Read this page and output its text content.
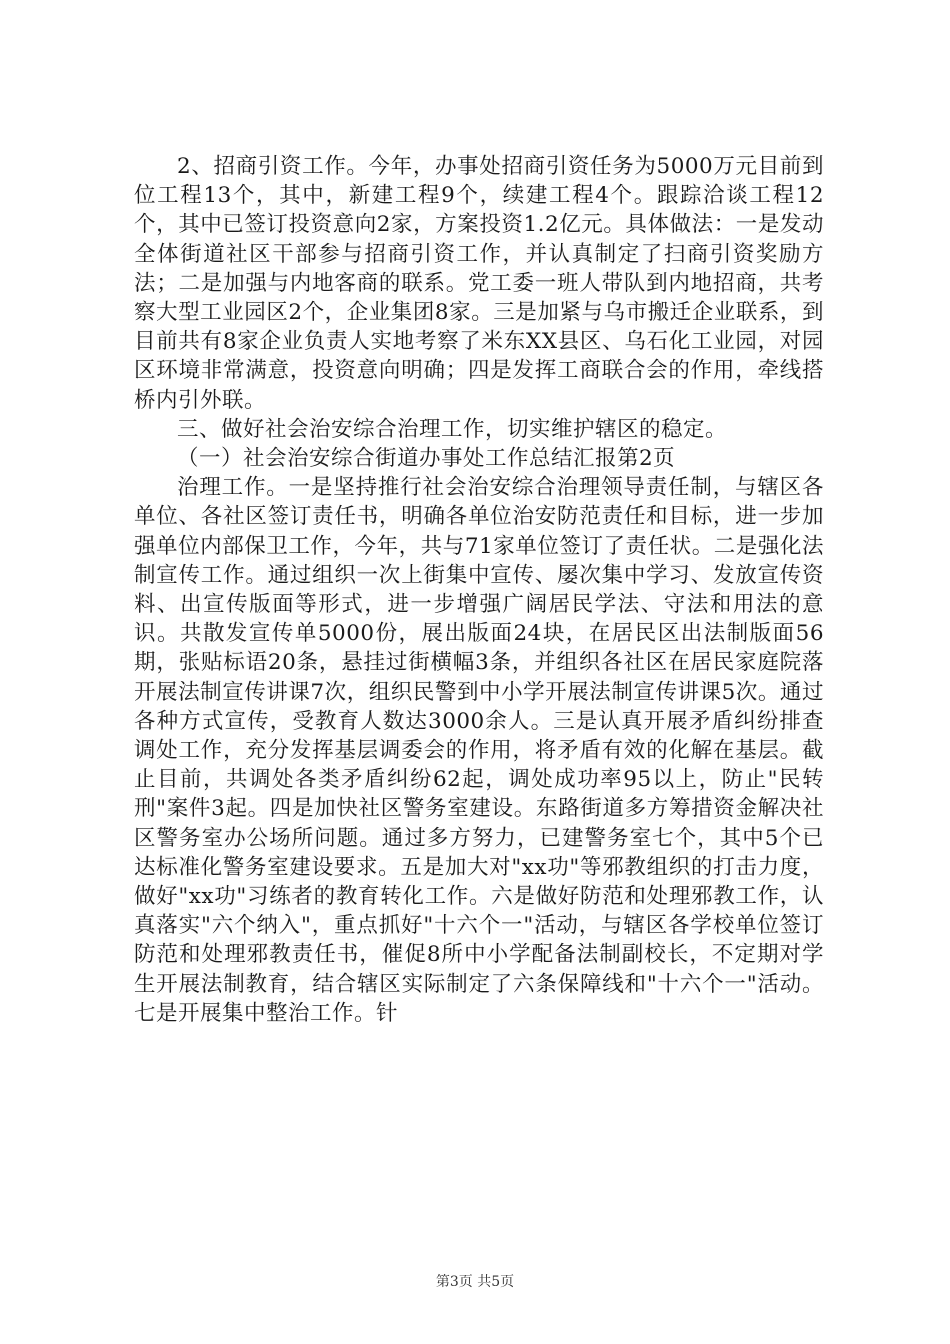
2、招商引资工作。今年，办事处招商引资任务为5000万元目前到位工程13个，其中，新建工程9个，续建工程4个。跟踪洽谈工程12个，其中已签订投资意向2家，方案投资1.2亿元。具体做法：一是发动全体街道社区干部参与招商引资工作，并认真制定了扫商引资奖励方法；二是加强与内地客商的联系。党工委一班人带队到内地招商，共考察大型工业园区2个，企业集团8家。三是加紧与乌市搬迁企业联系，到目前共有8家企业负责人实地考察了米东XX县区、乌石化工业园，对园区环境非常满意，投资意向明确；四是发挥工商联合会的作用，牵线搭桥内引外联。

三、做好社会治安综合治理工作，切实维护辖区的稳定。

（一）社会治安综合街道办事处工作总结汇报第2页

治理工作。一是坚持推行社会治安综合治理领导责任制，与辖区各单位、各社区签订责任书，明确各单位治安防范责任和目标，进一步加强单位内部保卫工作，今年，共与71家单位签订了责任状。二是强化法制宣传工作。通过组织一次上街集中宣传、屡次集中学习、发放宣传资料、出宣传版面等形式，进一步增强广阔居民学法、守法和用法的意识。共散发宣传单5000份，展出版面24块，在居民区出法制版面56期，张贴标语20条，悬挂过街横幅3条，并组织各社区在居民家庭院落开展法制宣传讲课7次，组织民警到中小学开展法制宣传讲课5次。通过各种方式宣传，受教育人数达3000余人。三是认真开展矛盾纠纷排查调处工作，充分发挥基层调委会的作用，将矛盾有效的化解在基层。截止目前，共调处各类矛盾纠纷62起，调处成功率95以上，防止"民转刑"案件3起。四是加快社区警务室建设。东路街道多方筹措资金解决社区警务室办公场所问题。通过多方努力，已建警务室七个，其中5个已达标准化警务室建设要求。五是加大对"xx功"等邪教组织的打击力度，做好"xx功"习练者的教育转化工作。六是做好防范和处理邪教工作，认真落实"六个纳入"，重点抓好"十六个一"活动，与辖区各学校单位签订防范和处理邪教责任书，催促8所中小学配备法制副校长，不定期对学生开展法制教育，结合辖区实际制定了六条保障线和"十六个一"活动。七是开展集中整治工作。针

第3页 共5页
